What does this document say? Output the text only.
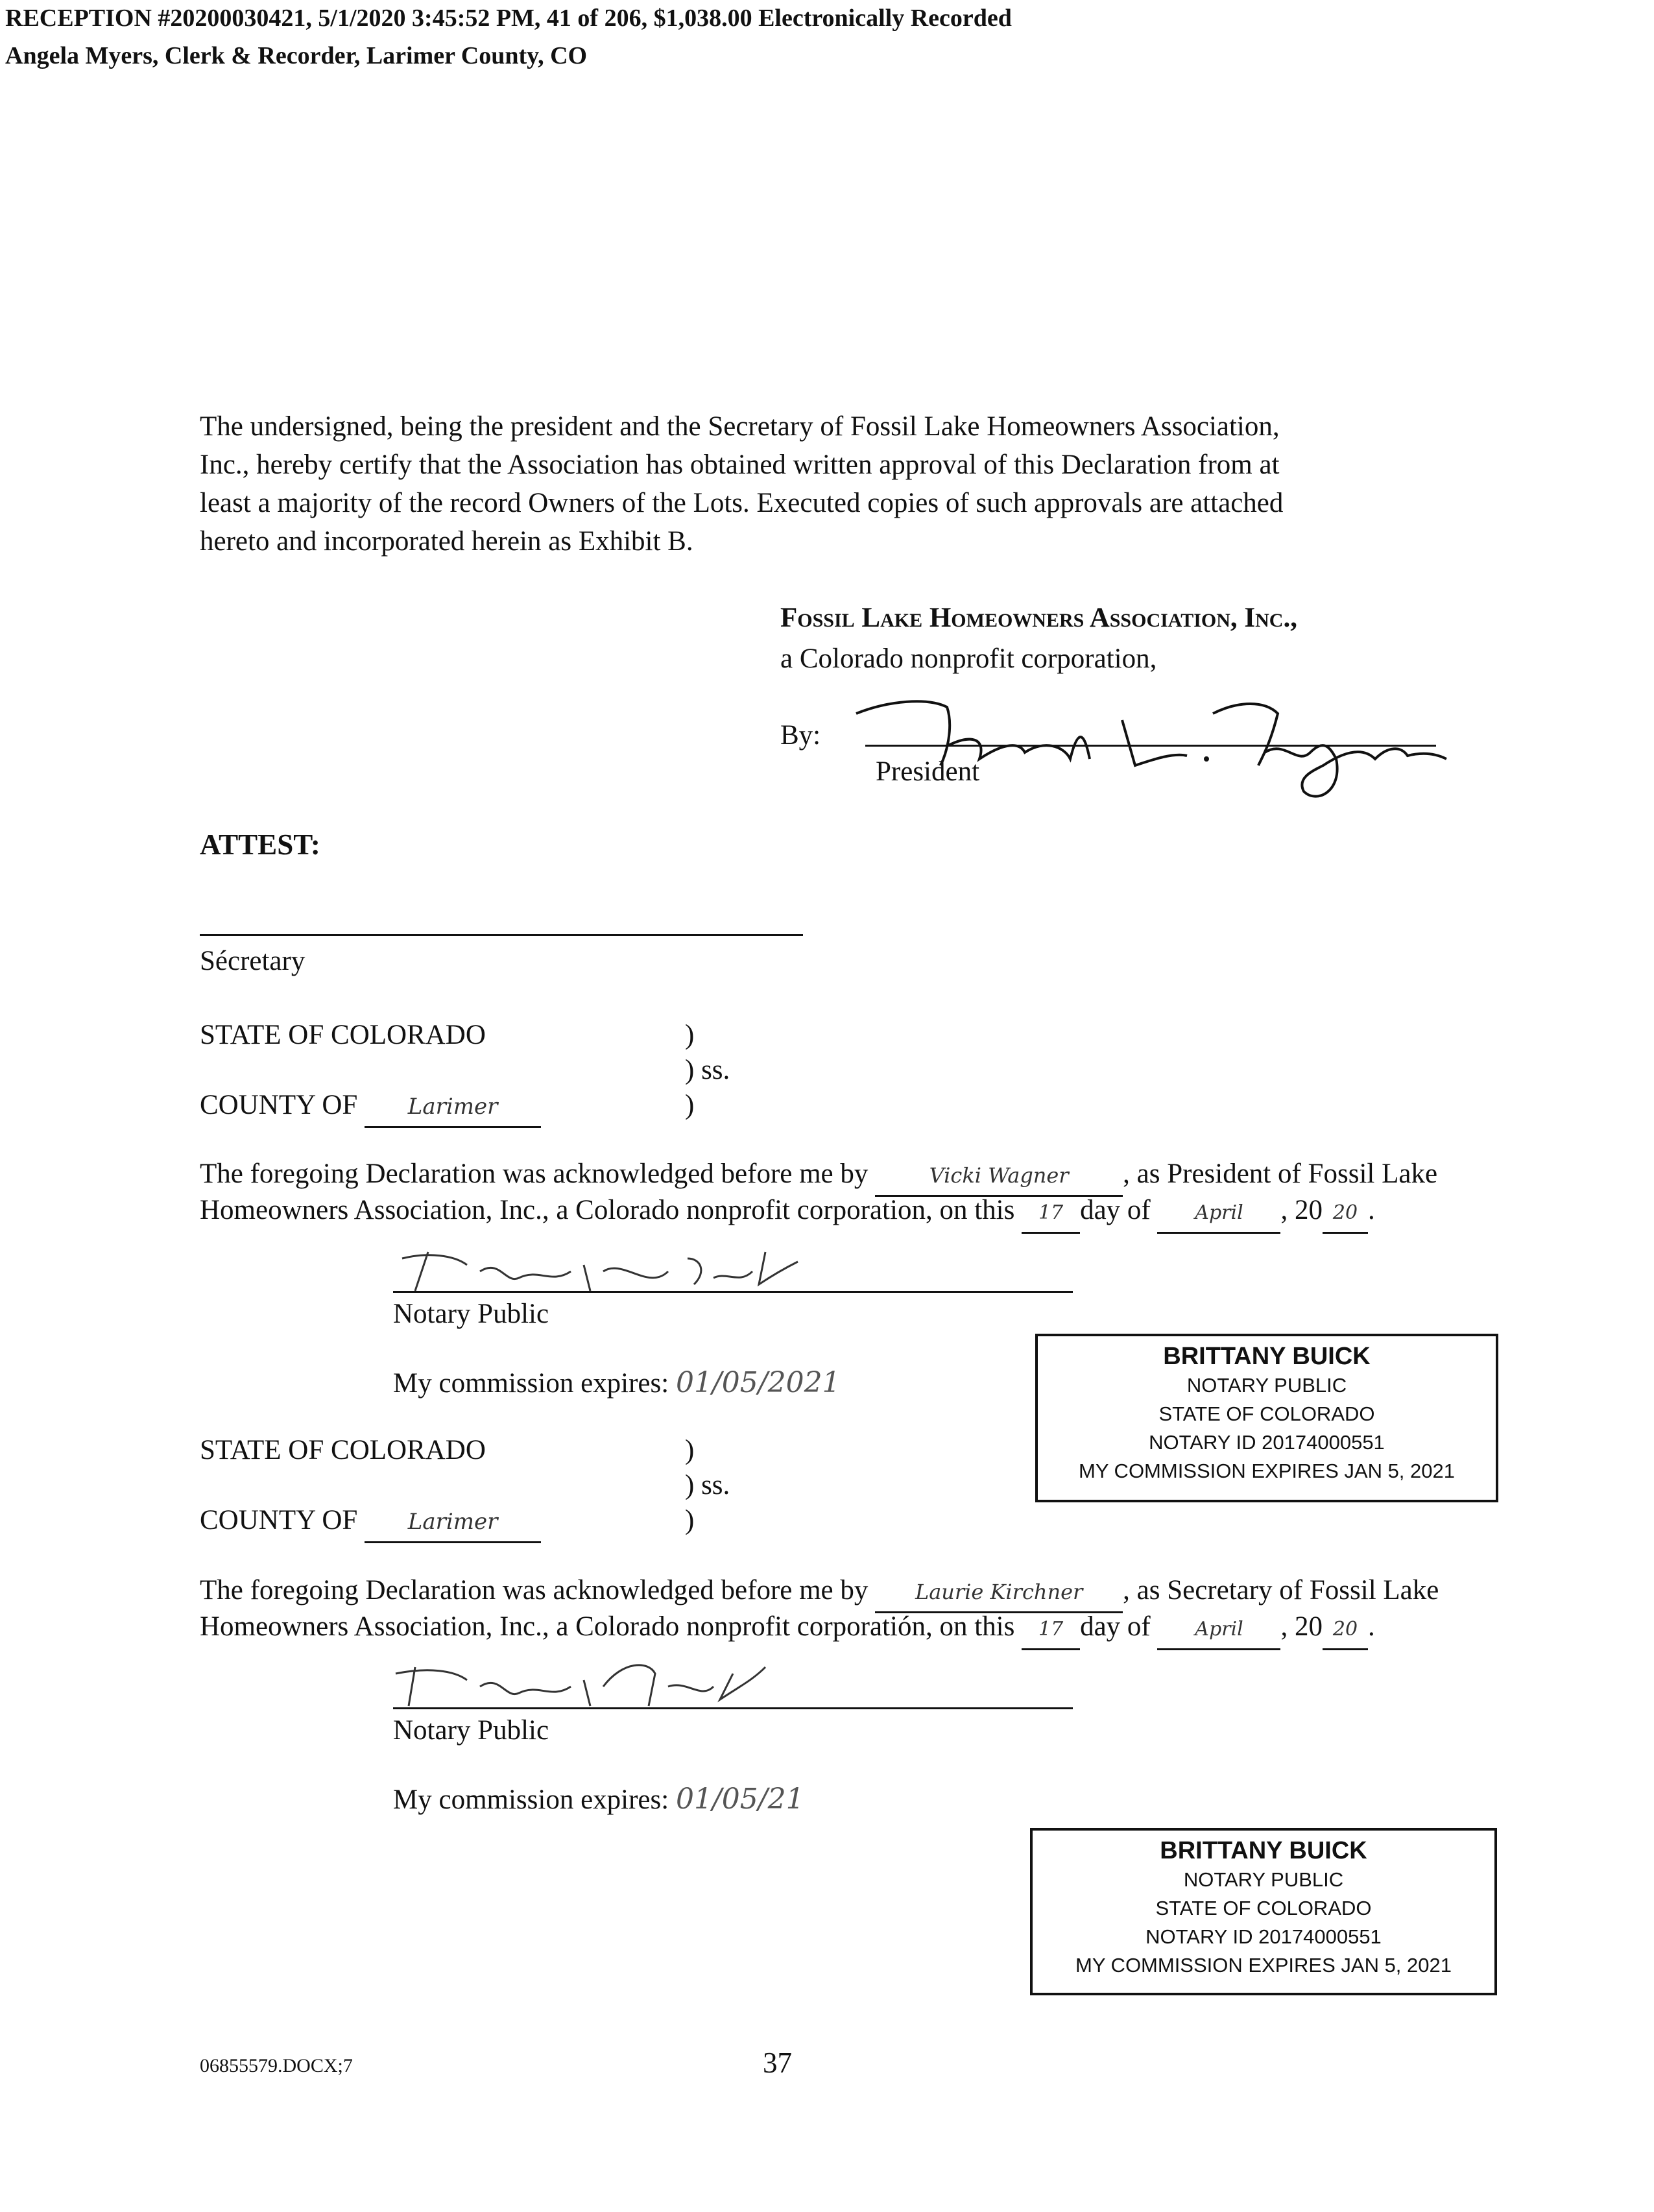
RECEPTION #20200030421, 5/1/2020 3:45:52 PM, 41 of 206, $1,038.00 Electronically Recorded
Angela Myers, Clerk & Recorder, Larimer County, CO
The undersigned, being the president and the Secretary of Fossil Lake Homeowners Association,
Inc., hereby certify that the Association has obtained written approval of this Declaration from at
least a majority of the record Owners of the Lots. Executed copies of such approvals are attached
hereto and incorporated herein as Exhibit B.
Fossil Lake Homeowners Association, Inc.,
a Colorado nonprofit corporation,
By:
President
ATTEST:
Sécretary
STATE OF COLORADO	)
) ss.
)
COUNTY OF Larimer
The foregoing Declaration was acknowledged before me by	Vicki Wagner , as President of Fossil Lake
Homeowners Association, Inc., a Colorado nonprofit corporation, on this 17 day of April , 20 20 .
Notary Public
My commission expires: 01/05/2021
BRITTANY BUICK
NOTARY PUBLIC
STATE OF COLORADO
NOTARY ID 20174000551
MY COMMISSION EXPIRES JAN 5, 2021
STATE OF COLORADO	)
) ss.
)
COUNTY OF Larimer
The foregoing Declaration was acknowledged before me by Laurie Kirchner , as Secretary of Fossil Lake
Homeowners Association, Inc., a Colorado nonprofit corporatión, on this 17 day of April , 20 20 .
Notary Public
My commission expires: 01/05/21
BRITTANY BUICK
NOTARY PUBLIC
STATE OF COLORADO
NOTARY ID 20174000551
MY COMMISSION EXPIRES JAN 5, 2021
06855579.DOCX;7	37
